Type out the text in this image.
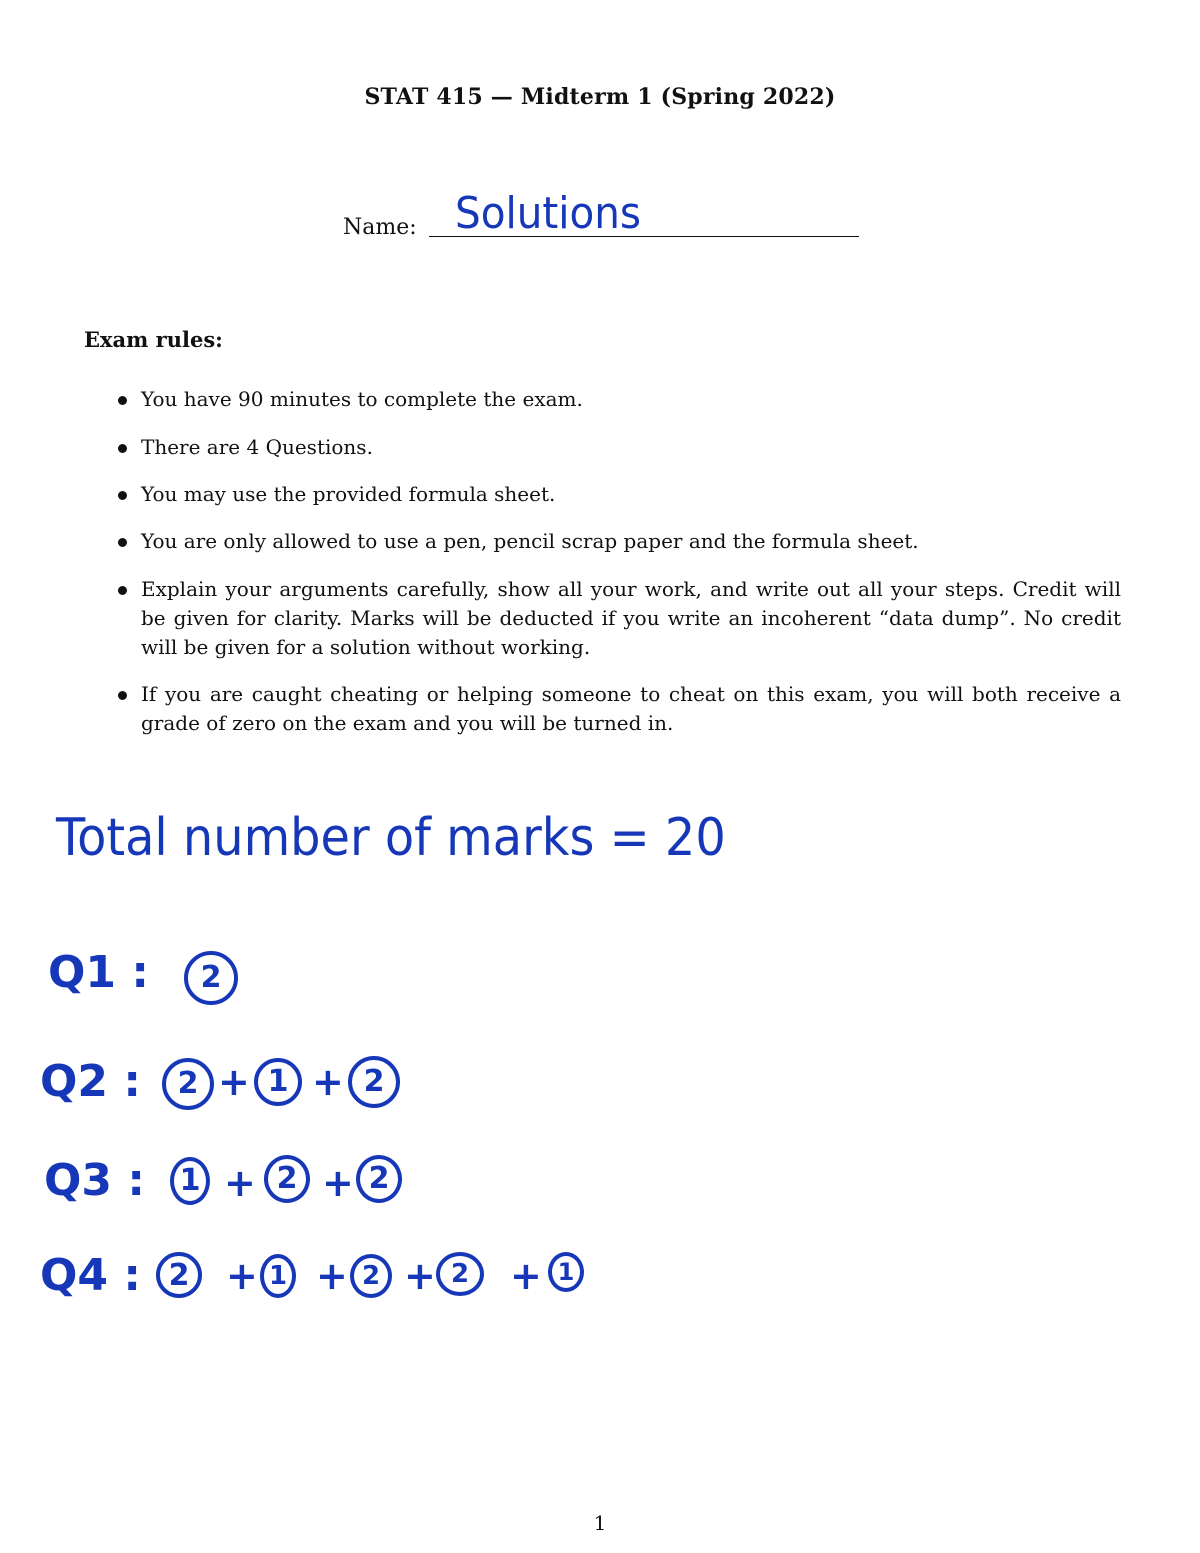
STAT 415 — Midterm 1 (Spring 2022)
Name: Solutions
Exam rules:
You have 90 minutes to complete the exam.
There are 4 Questions.
You may use the provided formula sheet.
You are only allowed to use a pen, pencil scrap paper and the formula sheet.
Explain your arguments carefully, show all your work, and write out all your steps. Credit will be given for clarity. Marks will be deducted if you write an incoherent “data dump”. No credit will be given for a solution without working.
If you are caught cheating or helping someone to cheat on this exam, you will both receive a grade of zero on the exam and you will be turned in.
Total number of marks = 20
Q1 :	2
Q2 :	2 + 1 + 2
Q3 :	1 + 2 + 2
Q4 : 2 + 1 + 2 + 2	+ 1
1
